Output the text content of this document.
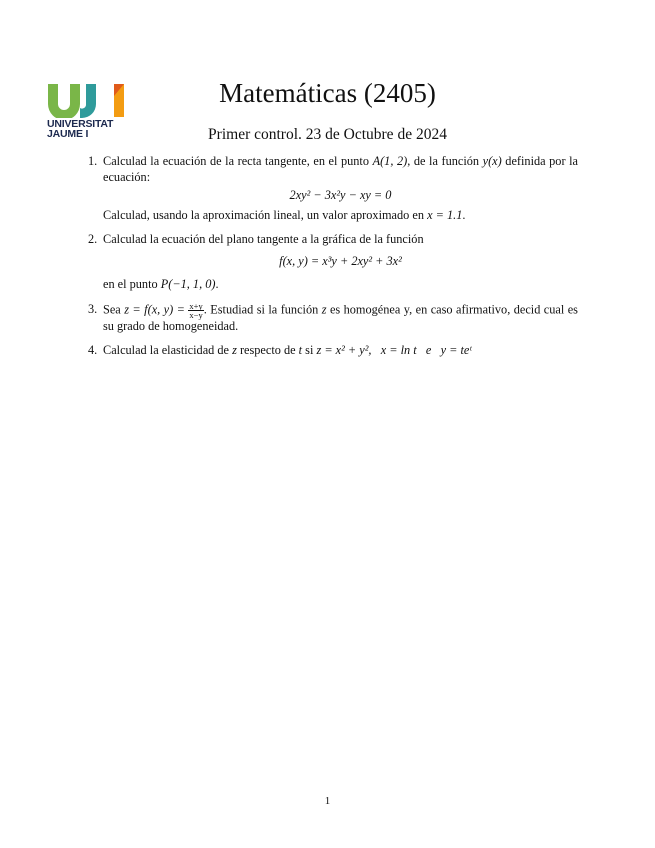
UNIVERSITAT
JAUME I
Matemáticas (2405)
Primer control. 23 de Octubre de 2024
1. Calculad la ecuación de la recta tangente, en el punto A(1, 2), de la función y(x) definida por la ecuación:
2xy² − 3x²y − xy = 0
Calculad, usando la aproximación lineal, un valor aproximado en x = 1.1.
2. Calculad la ecuación del plano tangente a la gráfica de la función
f(x, y) = x³y + 2xy² + 3x²
en el punto P(−1, 1, 0).
3. Sea z = f(x, $y) = \frac{x+y}{x-y}$ . Estudiad si la función z es homogénea y, en caso afirmativo, decid cual es su grado de homogeneidad.
4. Calculad la elasticidad de z respecto de t si z = x² + y²,   x = ln t   e   y = teᵗ
1
